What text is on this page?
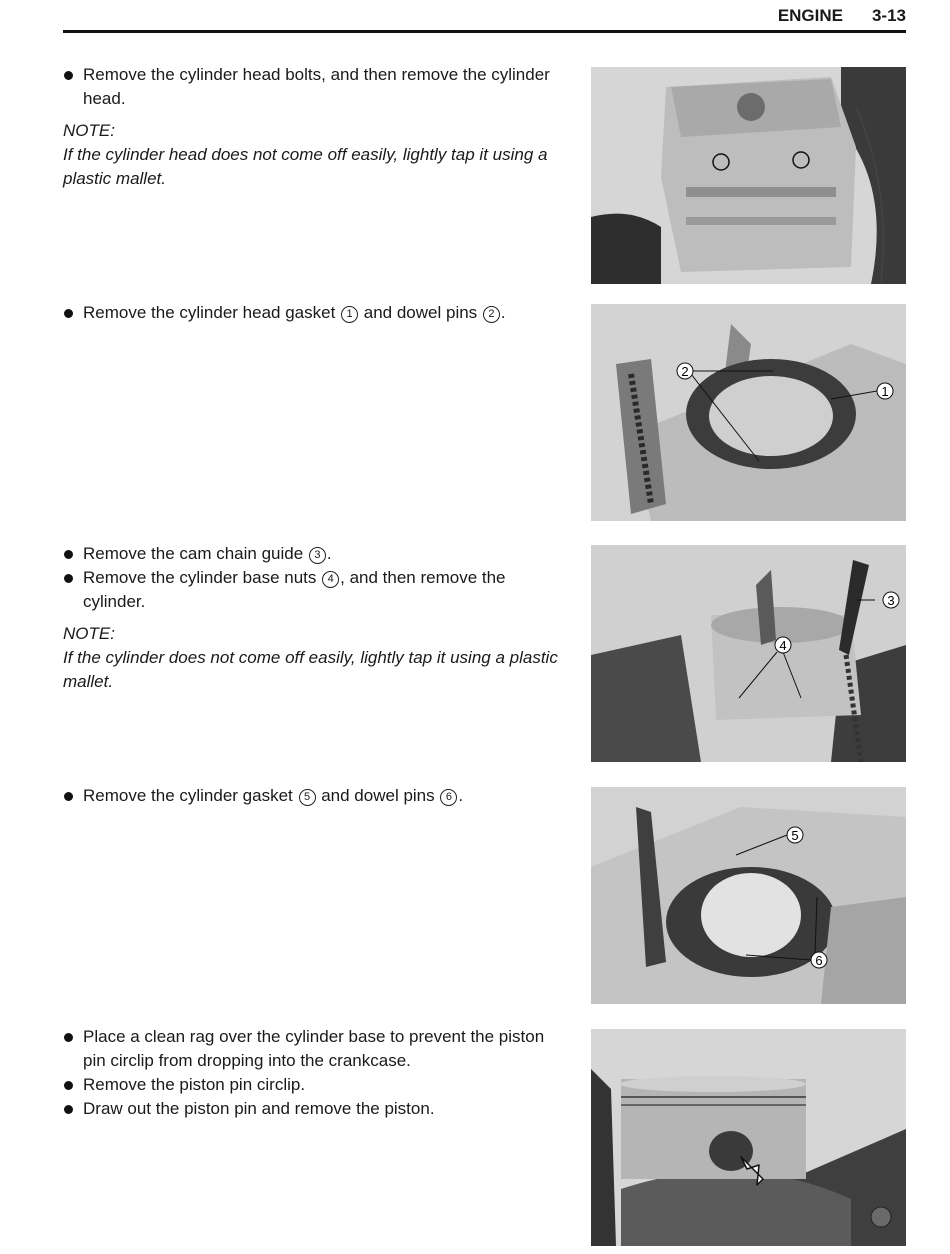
ENGINE 3-13
Remove the cylinder head bolts, and then remove the cylinder head.
NOTE:
If the cylinder head does not come off easily, lightly tap it using a plastic mallet.
Remove the cylinder head gasket 1 and dowel pins 2 .
Remove the cam chain guide 3 .
Remove the cylinder base nuts 4 , and then remove the cylinder.
NOTE:
If the cylinder does not come off easily, lightly tap it using a plastic mallet.
Remove the cylinder gasket 5 and dowel pins 6 .
Place a clean rag over the cylinder base to prevent the piston pin circlip from dropping into the crankcase.
Remove the piston pin circlip.
Draw out the piston pin and remove the piston.
2
1
3
4
5
6
